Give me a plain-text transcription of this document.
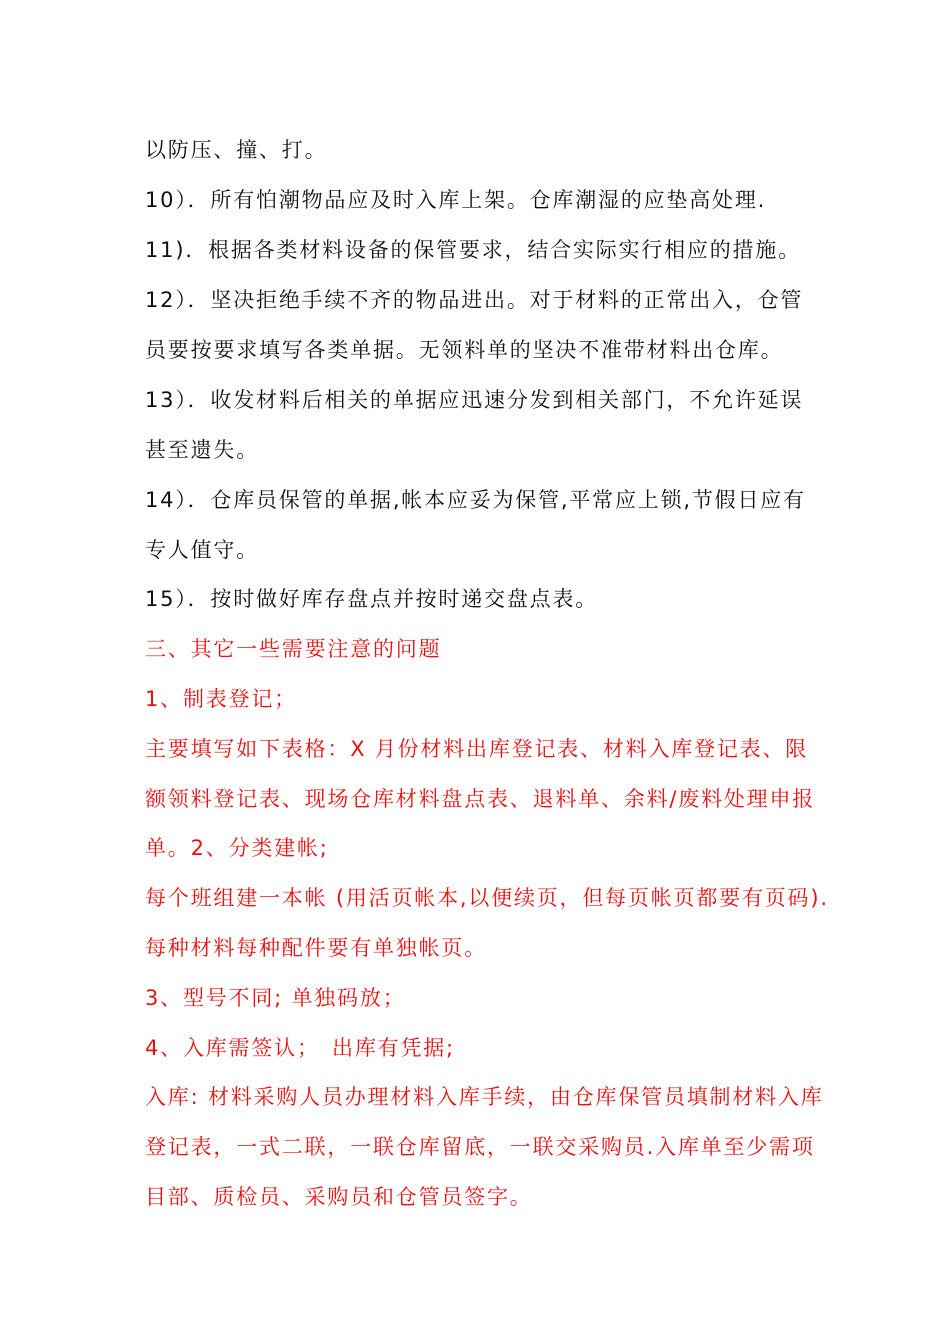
以防压、撞、打。
10）．所有怕潮物品应及时入库上架。仓库潮湿的应垫高处理.
11)．根据各类材料设备的保管要求，结合实际实行相应的措施。
12）．坚决拒绝手续不齐的物品进出。对于材料的正常出入，仓管
员要按要求填写各类单据。无领料单的坚决不准带材料出仓库。
13）．收发材料后相关的单据应迅速分发到相关部门，不允许延误
甚至遗失。
14）．仓库员保管的单据,帐本应妥为保管,平常应上锁,节假日应有
专人值守。
15）．按时做好库存盘点并按时递交盘点表。
三、其它一些需要注意的问题
1、制表登记；
主要填写如下表格：X 月份材料出库登记表、材料入库登记表、限
额领料登记表、现场仓库材料盘点表、退料单、余料/废料处理申报
单。2、分类建帐;
每个班组建一本帐 (用活页帐本,以便续页，但每页帐页都要有页码).
每种材料每种配件要有单独帐页。
3、型号不同; 单独码放；
4、入库需签认；　出库有凭据;
入库: 材料采购人员办理材料入库手续，由仓库保管员填制材料入库
登记表，一式二联，一联仓库留底，一联交采购员.入库单至少需项
目部、质检员、采购员和仓管员签字。
